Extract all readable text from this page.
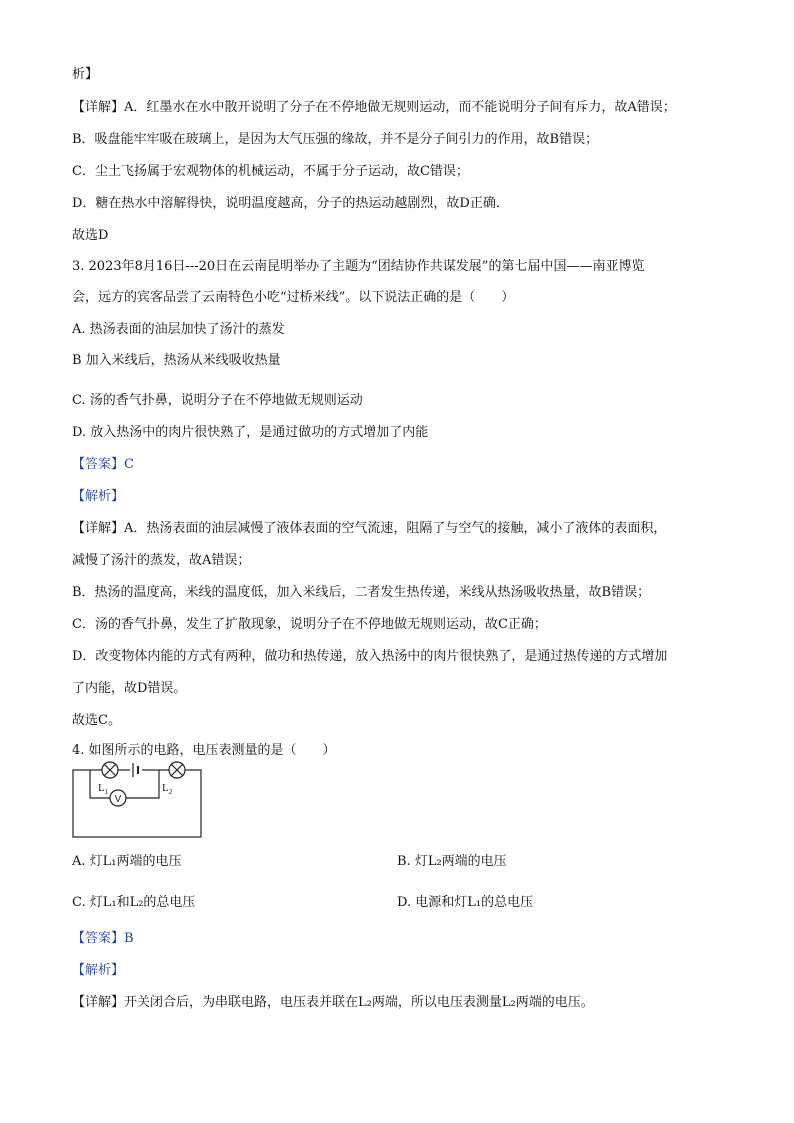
析】
【详解】A．红墨水在水中散开说明了分子在不停地做无规则运动，而不能说明分子间有斥力，故A错误；
B．吸盘能牢牢吸在玻璃上，是因为大气压强的缘故，并不是分子间引力的作用，故B错误；
C．尘土飞扬属于宏观物体的机械运动，不属于分子运动，故C错误；
D．糖在热水中溶解得快，说明温度越高，分子的热运动越剧烈，故D正确．
故选D
3. 2023年8月16日---20日在云南昆明举办了主题为“团结协作共谋发展”的第七届中国——南亚博览
会，远方的宾客品尝了云南特色小吃“过桥米线”。以下说法正确的是（　　）
A. 热汤表面的油层加快了汤汁的蒸发
B 加入米线后，热汤从米线吸收热量
C. 汤的香气扑鼻，说明分子在不停地做无规则运动
D. 放入热汤中的肉片很快熟了，是通过做功的方式增加了内能
【答案】C
【解析】
【详解】A．热汤表面的油层减慢了液体表面的空气流速，阻隔了与空气的接触，减小了液体的表面积，
减慢了汤汁的蒸发，故A错误；
B．热汤的温度高，米线的温度低，加入米线后，二者发生热传递，米线从热汤吸收热量，故B错误；
C．汤的香气扑鼻，发生了扩散现象，说明分子在不停地做无规则运动，故C正确；
D．改变物体内能的方式有两种，做功和热传递，放入热汤中的肉片很快熟了，是通过热传递的方式增加
了内能，故D错误。
故选C。
4. 如图所示的电路，电压表测量的是（　　）
V
$L_1$	$L_2$
A. 灯L₁两端的电压	B. 灯L₂两端的电压
C. 灯L₁和L₂的总电压	D. 电源和灯L₁的总电压
【答案】B
【解析】
【详解】开关闭合后，为串联电路，电压表并联在L₂两端，所以电压表测量L₂两端的电压。
